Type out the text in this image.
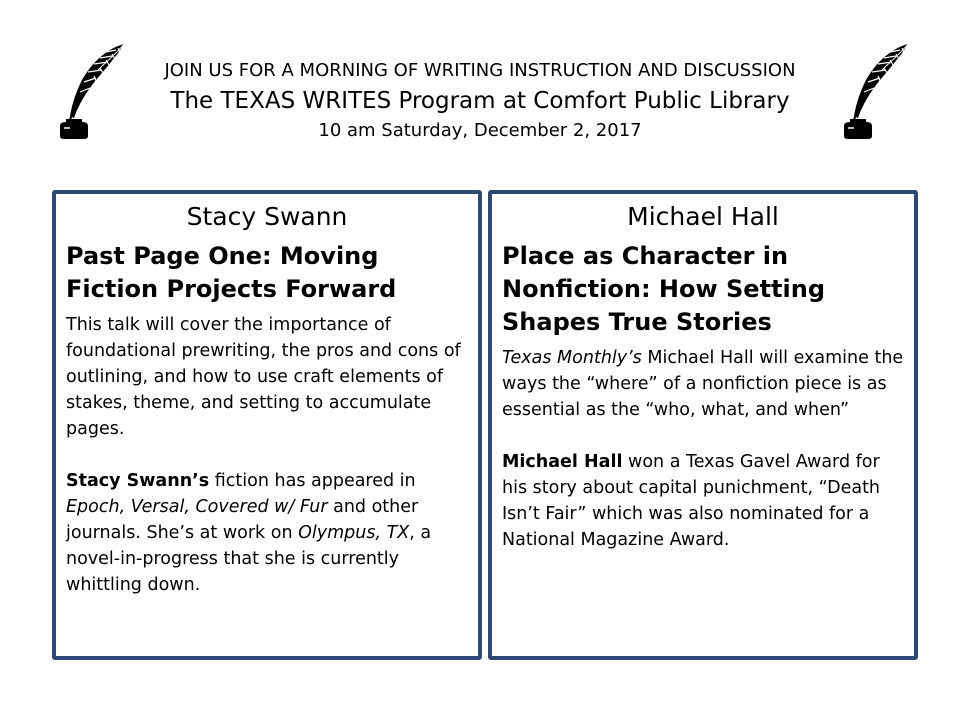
JOIN US FOR A MORNING OF WRITING INSTRUCTION AND DISCUSSION
The TEXAS WRITES Program at Comfort Public Library
10 am Saturday, December 2, 2017
Stacy Swann
Past Page One: Moving Fiction Projects Forward

This talk will cover the importance of foundational prewriting, the pros and cons of outlining, and how to use craft elements of stakes, theme, and setting to accumulate pages.

Stacy Swann’s fiction has appeared in Epoch, Versal, Covered w/ Fur and other journals. She’s at work on Olympus, TX, a novel-in-progress that she is currently whittling down.

Michael Hall
Place as Character in Nonfiction: How Setting Shapes True Stories

Texas Monthly’s Michael Hall will examine the ways the “where” of a nonfiction piece is as essential as the “who, what, and when”

Michael Hall won a Texas Gavel Award for his story about capital punichment, “Death Isn’t Fair” which was also nominated for a National Magazine Award.
